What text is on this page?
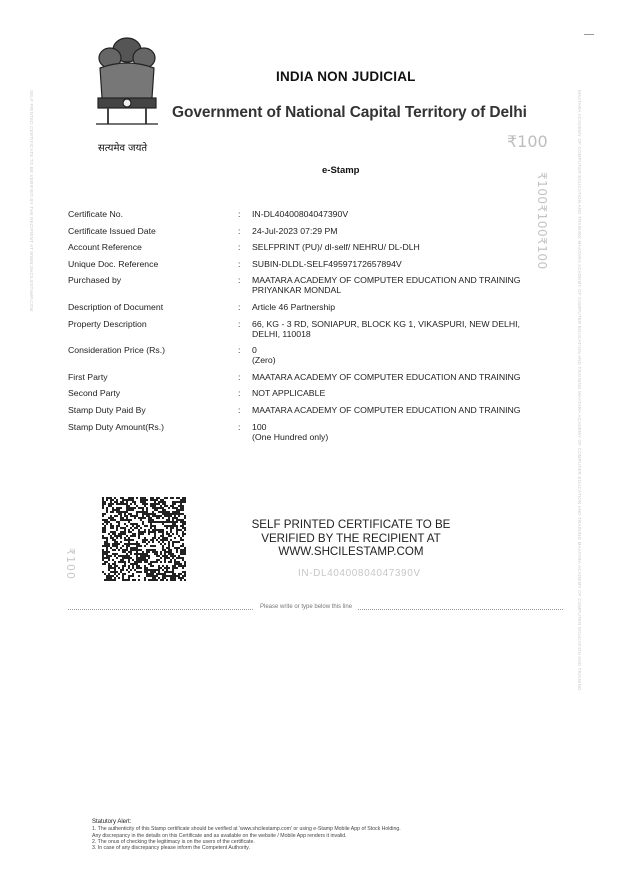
SELF PRINTED CERTIFICATE TO BE VERIFIED BY THE RECIPIENT AT WWW.SHCILESTAMP.COM	MAATARA ACADEMY OF COMPUTER EDUCATION AND TRAINING MAATARA ACADEMY OF COMPUTER EDUCATION AND TRAINING MAATARA ACADEMY OF COMPUTER EDUCATION AND TRAINING MAATARA ACADEMY OF COMPUTER EDUCATION AND TRAINING
सत्यमेव जयते
INDIA NON JUDICIAL
Government of National Capital Territory of Delhi
₹100
e-Stamp
₹100₹100₹100
Certificate No.	:	IN-DL40400804047390V
Certificate Issued Date	:	24-Jul-2023 07:29 PM
Account Reference	:	SELFPRINT (PU)/ dl-self/ NEHRU/ DL-DLH
Unique Doc. Reference	:	SUBIN-DLDL-SELF49597172657894V
Purchased by	:	MAATARA ACADEMY OF COMPUTER EDUCATION AND TRAINING
PRIYANKAR MONDAL
Description of Document	:	Article 46 Partnership
Property Description	:	66, KG - 3 RD, SONIAPUR, BLOCK KG 1, VIKASPURI, NEW DELHI,
DELHI, 110018
Consideration Price (Rs.)	:	0
(Zero)
First Party	:	MAATARA ACADEMY OF COMPUTER EDUCATION AND TRAINING
Second Party	:	NOT APPLICABLE
Stamp Duty Paid By	:	MAATARA ACADEMY OF COMPUTER EDUCATION AND TRAINING
Stamp Duty Amount(Rs.)	:	100
(One Hundred only)
₹100
SELF PRINTED CERTIFICATE TO BE
VERIFIED BY THE RECIPIENT AT
WWW.SHCILESTAMP.COM
IN-DL40400804047390V
Please write or type below this line
Statutory Alert:
1. The authenticity of this Stamp certificate should be verified at 'www.shcilestamp.com' or using e-Stamp Mobile App of Stock Holding.
Any discrepancy in the details on this Certificate and as available on the website / Mobile App renders it invalid.
2. The onus of checking the legitimacy is on the users of the certificate.
3. In case of any discrepancy please inform the Competent Authority.
